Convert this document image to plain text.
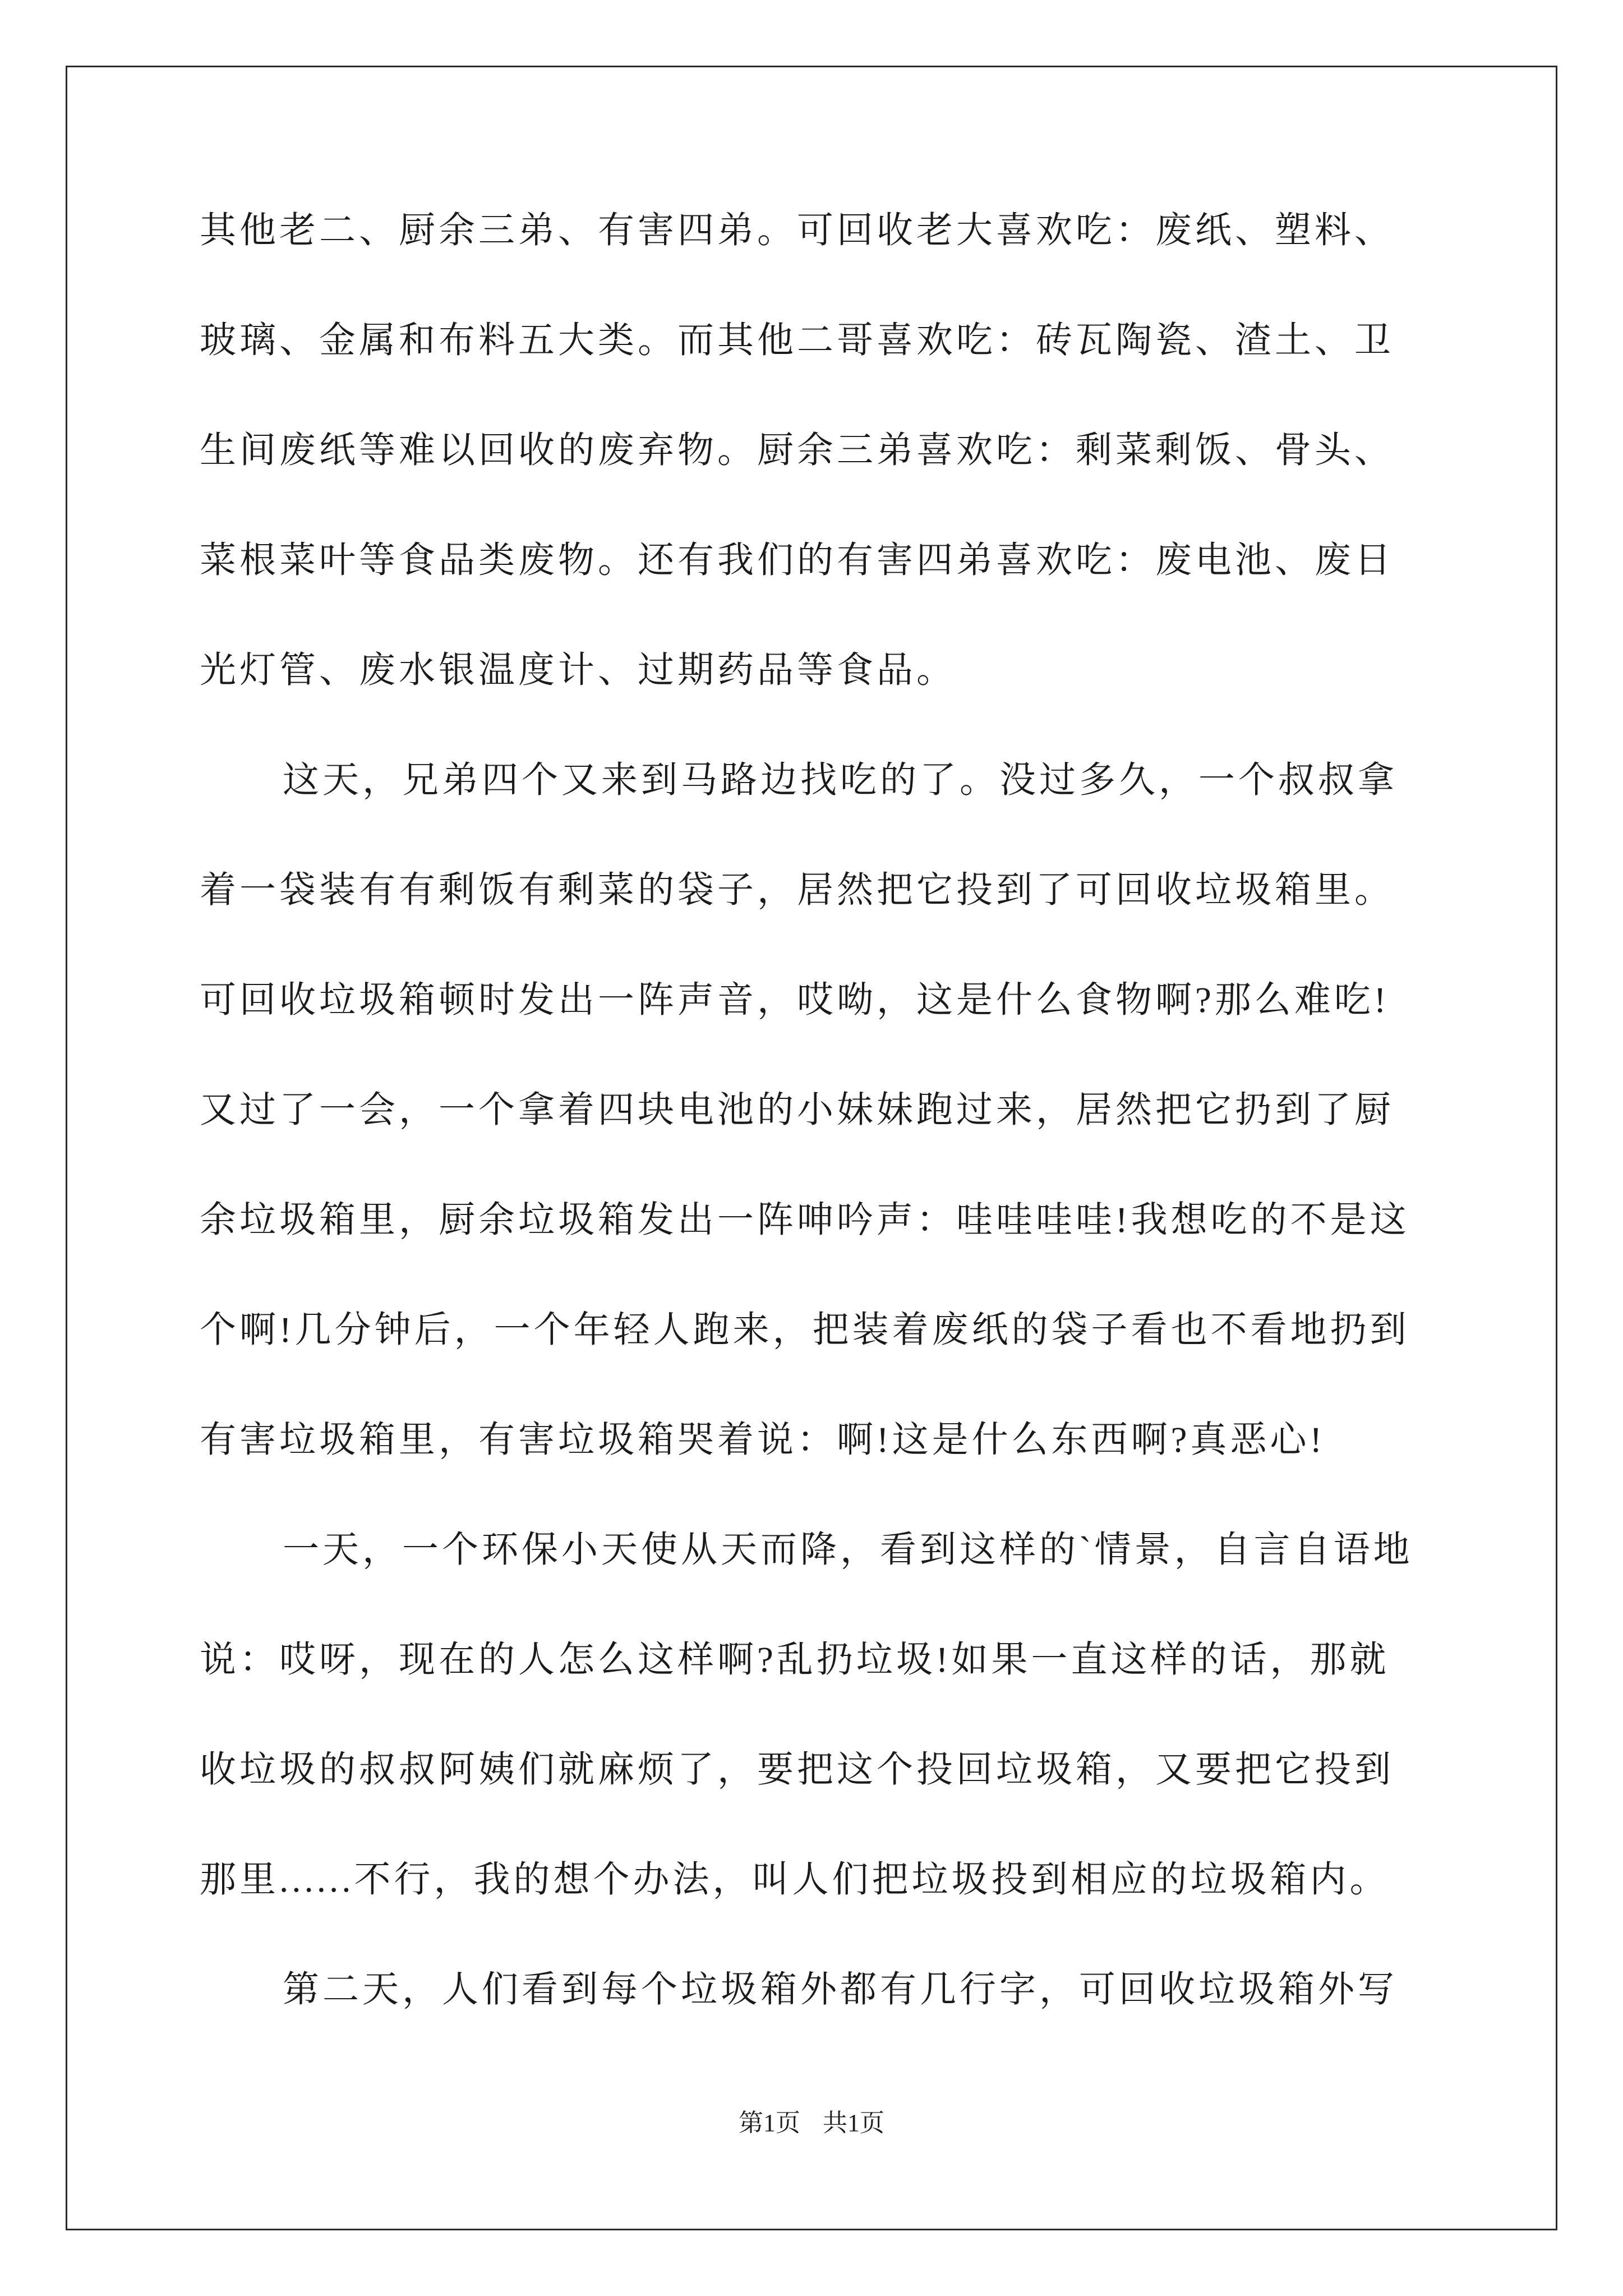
其他老二、厨余三弟、有害四弟。可回收老大喜欢吃：废纸、塑料、
玻璃、金属和布料五大类。而其他二哥喜欢吃：砖瓦陶瓷、渣土、卫
生间废纸等难以回收的废弃物。厨余三弟喜欢吃：剩菜剩饭、骨头、
菜根菜叶等食品类废物。还有我们的有害四弟喜欢吃：废电池、废日
光灯管、废水银温度计、过期药品等食品。
这天，兄弟四个又来到马路边找吃的了。没过多久，一个叔叔拿
着一袋装有有剩饭有剩菜的袋子，居然把它投到了可回收垃圾箱里。
可回收垃圾箱顿时发出一阵声音，哎呦，这是什么食物啊?那么难吃!
又过了一会，一个拿着四块电池的小妹妹跑过来，居然把它扔到了厨
余垃圾箱里，厨余垃圾箱发出一阵呻吟声：哇哇哇哇!我想吃的不是这
个啊!几分钟后，一个年轻人跑来，把装着废纸的袋子看也不看地扔到
有害垃圾箱里，有害垃圾箱哭着说：啊!这是什么东西啊?真恶心!
一天，一个环保小天使从天而降，看到这样的`情景，自言自语地
说：哎呀，现在的人怎么这样啊?乱扔垃圾!如果一直这样的话，那就
收垃圾的叔叔阿姨们就麻烦了，要把这个投回垃圾箱，又要把它投到
那里......不行，我的想个办法，叫人们把垃圾投到相应的垃圾箱内。
第二天，人们看到每个垃圾箱外都有几行字，可回收垃圾箱外写
第1页 共1页
